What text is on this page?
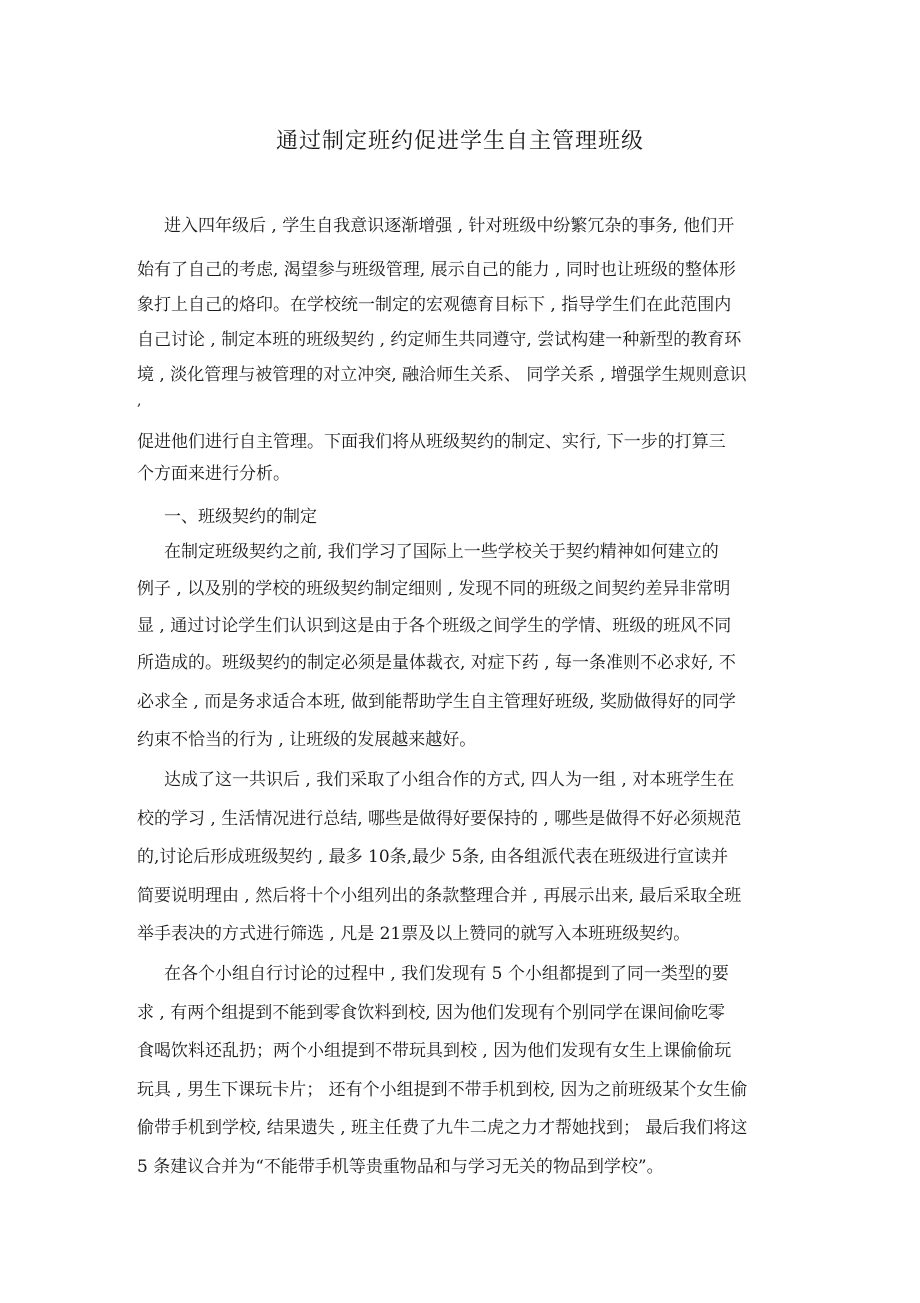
通过制定班约促进学生自主管理班级
进入四年级后 , 学生自我意识逐渐增强 , 针对班级中纷繁冗杂的事务, 他们开
始有了自己的考虑, 渴望参与班级管理, 展示自己的能力 , 同时也让班级的整体形
象打上自己的烙印。在学校统一制定的宏观德育目标下 , 指导学生们在此范围内
自己讨论 , 制定本班的班级契约 , 约定师生共同遵守, 尝试构建一种新型的教育环
境 , 淡化管理与被管理的对立冲突, 融洽师生关系、 同学关系 , 增强学生规则意识
,
促进他们进行自主管理。下面我们将从班级契约的制定、实行, 下一步的打算三
个方面来进行分析。
一、班级契约的制定
在制定班级契约之前, 我们学习了国际上一些学校关于契约精神如何建立的
例子 , 以及别的学校的班级契约制定细则 , 发现不同的班级之间契约差异非常明
显 , 通过讨论学生们认识到这是由于各个班级之间学生的学情、班级的班风不同
所造成的。班级契约的制定必须是量体裁衣, 对症下药 , 每一条准则不必求好, 不
必求全 , 而是务求适合本班, 做到能帮助学生自主管理好班级, 奖励做得好的同学
约束不恰当的行为 , 让班级的发展越来越好。
达成了这一共识后 , 我们采取了小组合作的方式, 四人为一组 , 对本班学生在
校的学习 , 生活情况进行总结, 哪些是做得好要保持的 , 哪些是做得不好必须规范
的,讨论后形成班级契约 , 最多 10条,最少 5条, 由各组派代表在班级进行宣读并
简要说明理由 , 然后将十个小组列出的条款整理合并 , 再展示出来, 最后采取全班
举手表决的方式进行筛选 , 凡是 21票及以上赞同的就写入本班班级契约。
在各个小组自行讨论的过程中 , 我们发现有 5 个小组都提到了同一类型的要
求 , 有两个组提到不能到零食饮料到校, 因为他们发现有个别同学在课间偷吃零
食喝饮料还乱扔；两个小组提到不带玩具到校 , 因为他们发现有女生上课偷偷玩
玩具 , 男生下课玩卡片； 还有个小组提到不带手机到校, 因为之前班级某个女生偷
偷带手机到学校, 结果遗失 , 班主任费了九牛二虎之力才帮她找到； 最后我们将这
5 条建议合并为“不能带手机等贵重物品和与学习无关的物品到学校”。
